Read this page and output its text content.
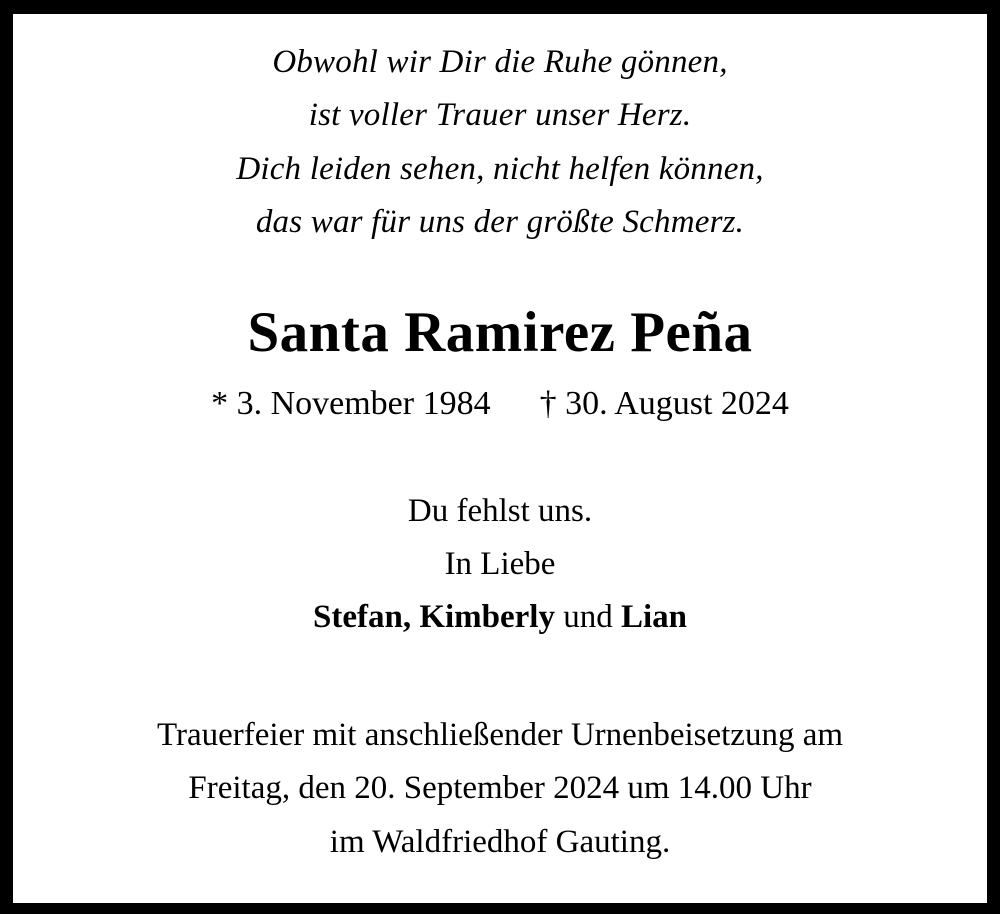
Obwohl wir Dir die Ruhe gönnen,
ist voller Trauer unser Herz.
Dich leiden sehen, nicht helfen können,
das war für uns der größte Schmerz.
Santa Ramirez Peña
* 3. November 1984 † 30. August 2024
Du fehlst uns.
In Liebe
Stefan, Kimberly und Lian
Trauerfeier mit anschließender Urnenbeisetzung am
Freitag, den 20. September 2024 um 14.00 Uhr
im Waldfriedhof Gauting.
